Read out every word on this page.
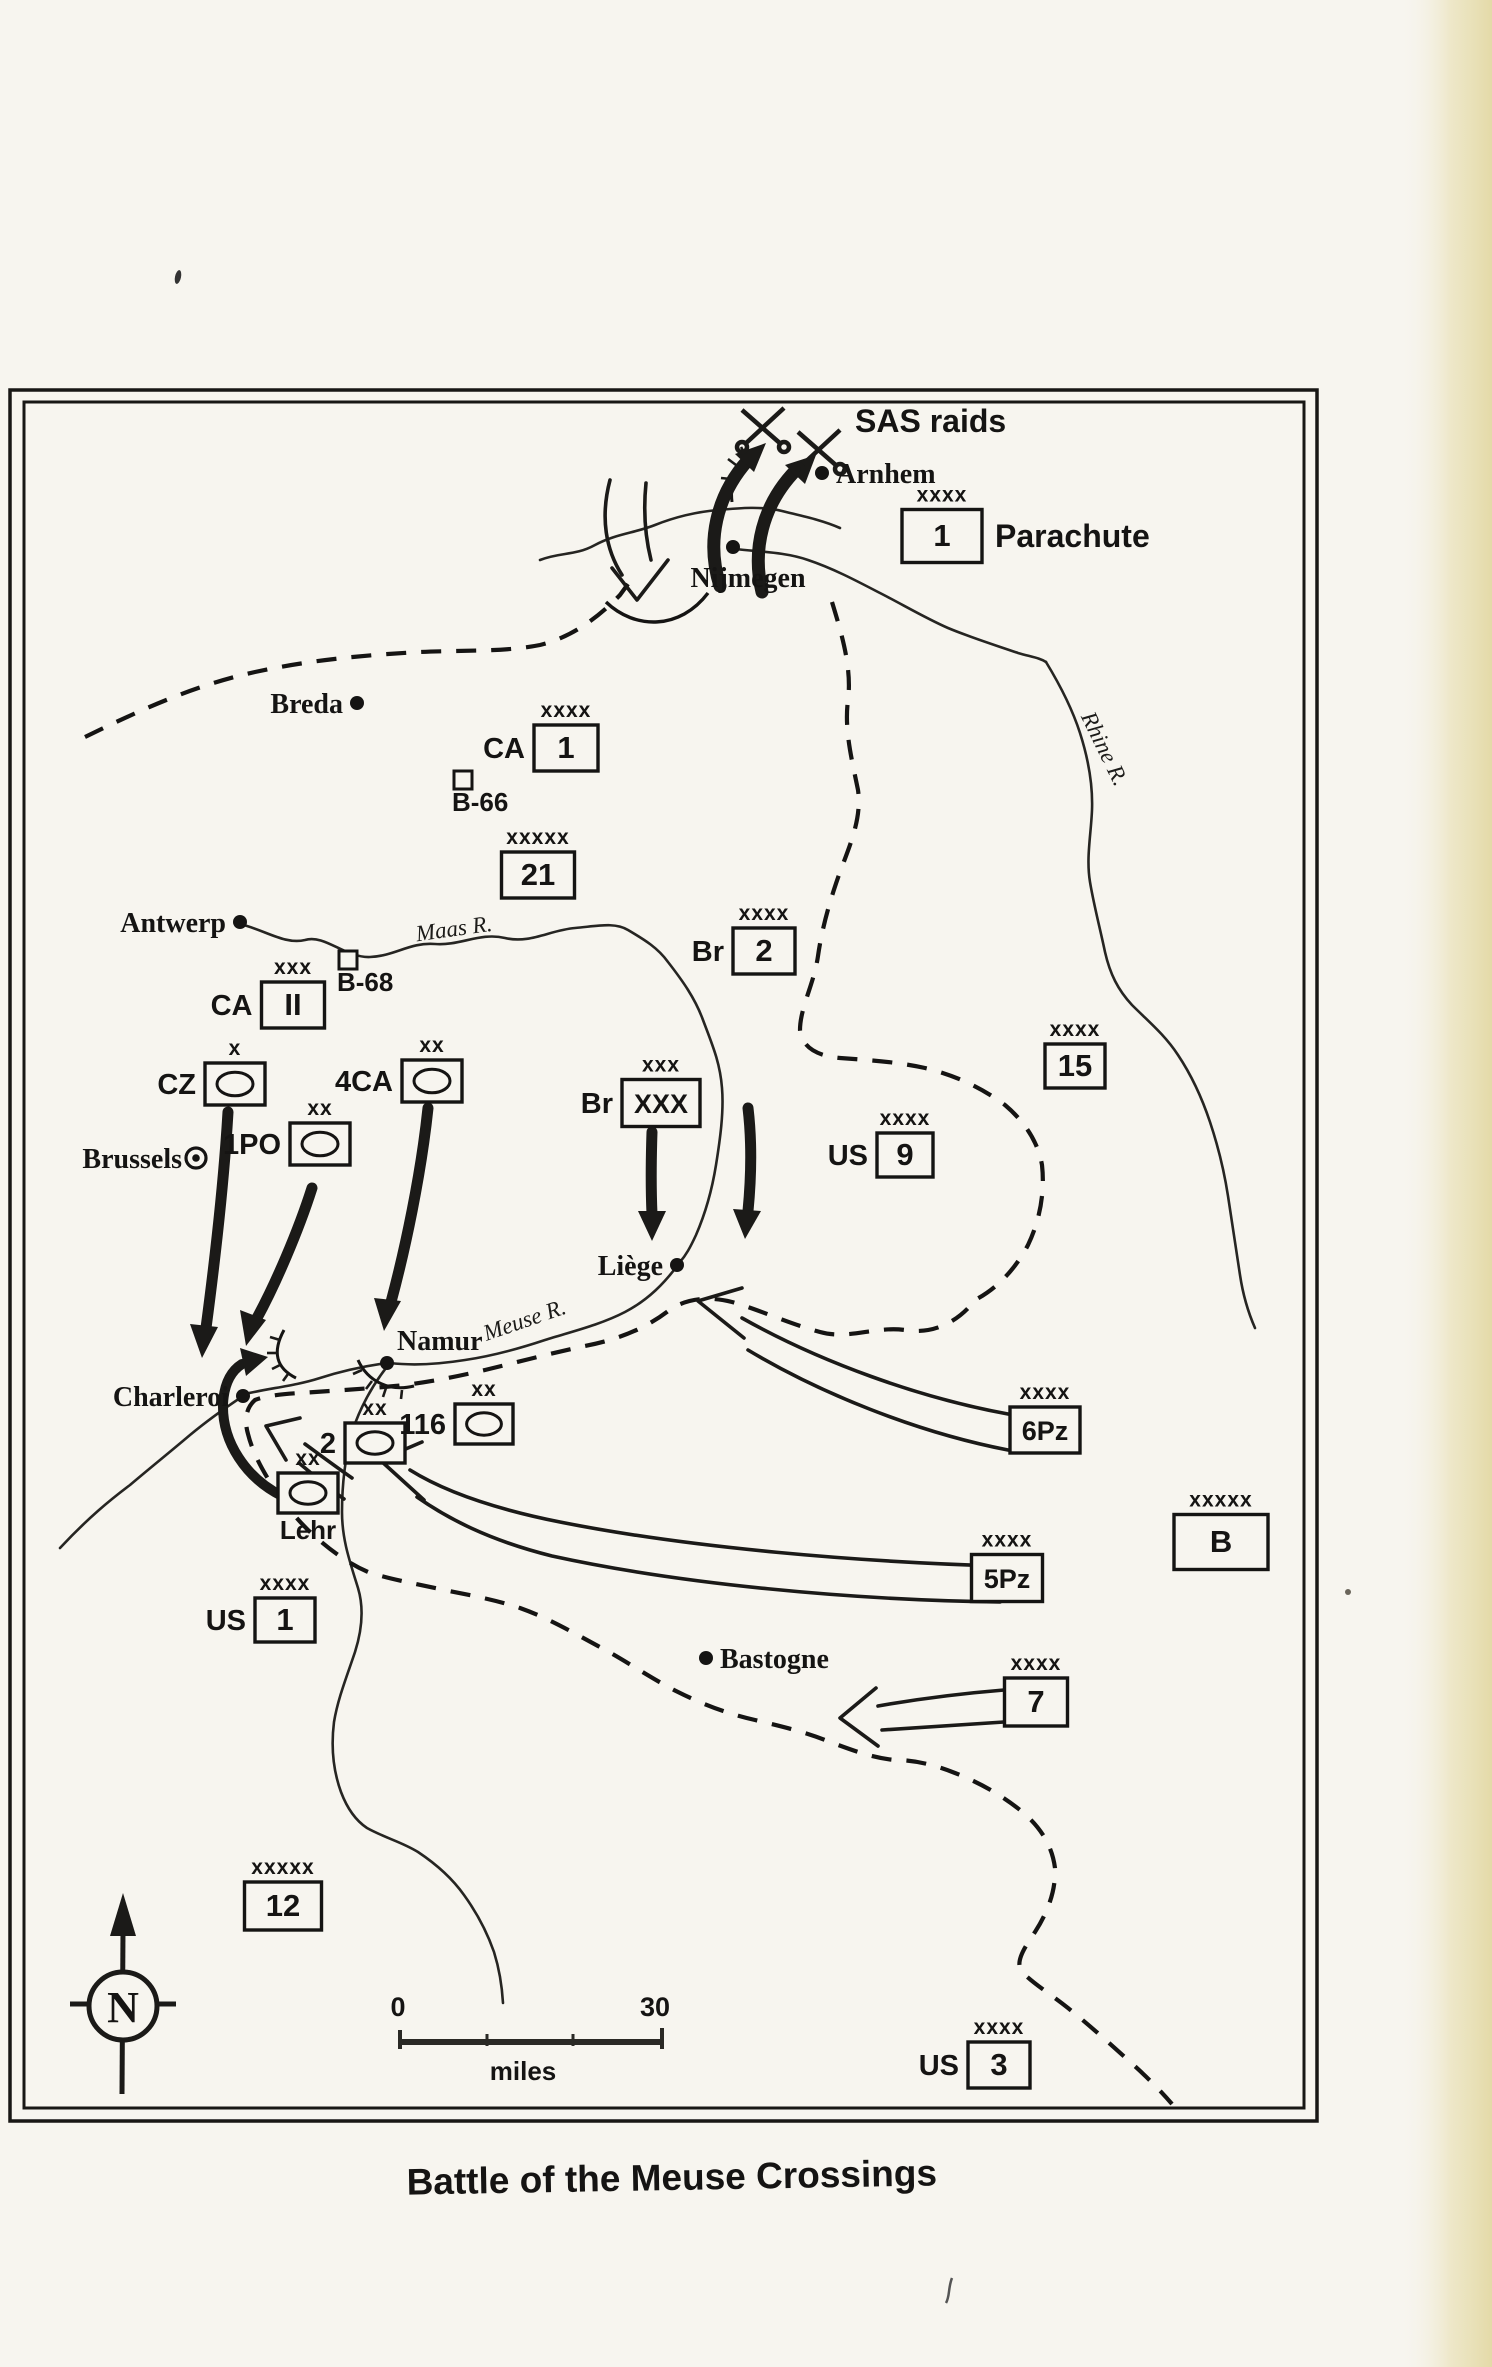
Maas R.
Meuse R.
Rhine R.
SAS raids
Arnhem
Nijmegen
Breda
Antwerp
Brussels
Liège
Namur
Charleroi
Bastogne
xxxx
1 Parachute
xxxx
1
CA
B-66
xxxxx
21
xxxx
2
Br
xxx
II
CA
B-68
x
CZ
xx
4CA
xx
1PO
xxx
XXX
Br	xxxx
9
US
xxxx
15
xxxx
6Pz
xxxx
5Pz
xxxxx
B
xxxx
1
US
xxxx
7
xxxxx
12
xxxx
3
US
xx
2
xx
116
xx
Lehr
N	0	30
miles
Battle of the Meuse Crossings
